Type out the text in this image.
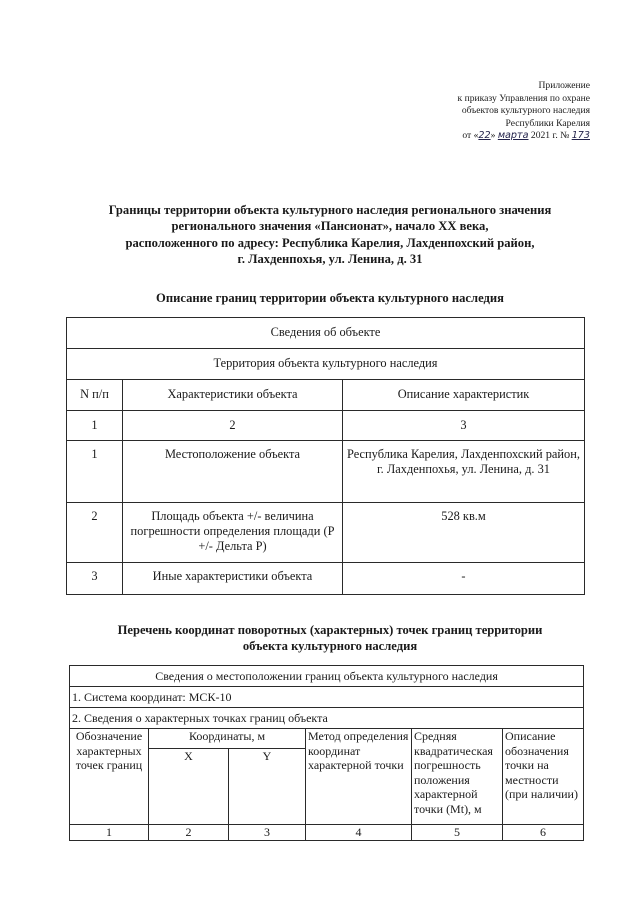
Приложение
к приказу Управления по охране
объектов культурного наследия
Республики Карелия
от «22» марта 2021 г. № 173
Границы территории объекта культурного наследия регионального значения
регионального значения «Пансионат», начало XX века,
расположенного по адресу: Республика Карелия, Лахденпохский район,
г. Лахденпохья, ул. Ленина, д. 31
Описание границ территории объекта культурного наследия
Сведения об объекте		
Территория объекта культурного наследия		
N п/п	Характеристики объекта	Описание характеристик
1	2	3
1	Местоположение объекта	Республика Карелия, Лахденпохский район, г. Лахденпохья, ул. Ленина, д. 31
2	Площадь объекта +/- величина погрешности определения площади (Р +/- Дельта Р)	528 кв.м
3	Иные характеристики объекта	-
Перечень координат поворотных (характерных) точек границ территории
объекта культурного наследия
Сведения о местоположении границ объекта культурного наследия					
1. Система координат: МСК-10					
2. Сведения о характерных точках границ объекта					
Обозначение характерных точек границ	Координаты, м		Метод определения координат характерной точки	Средняя квадратическая погрешность положения характерной точки (Mt), м	Описание обозначения точки на местности (при наличии)
	X	Y			
1	2	3	4	5	6
